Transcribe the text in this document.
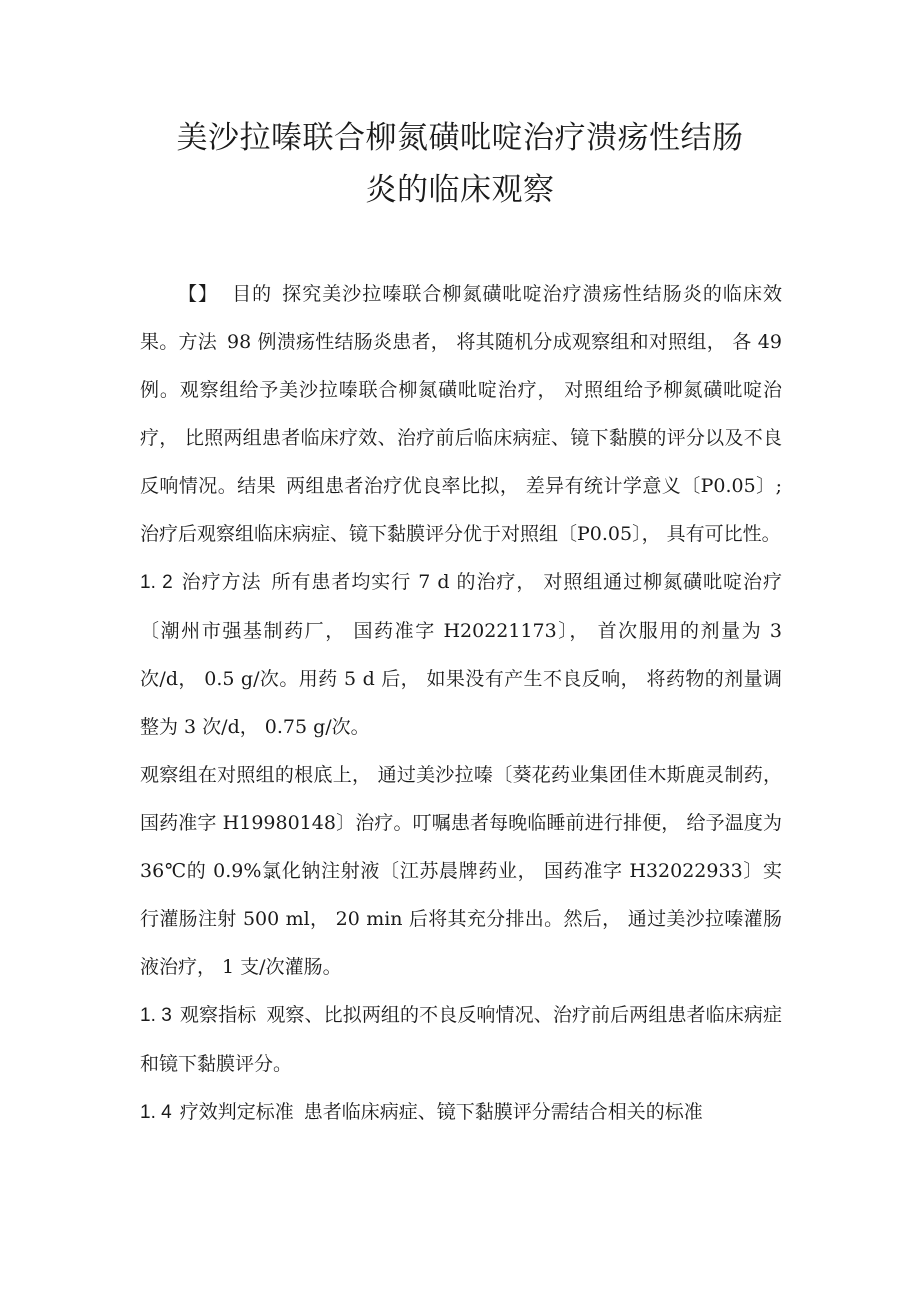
美沙拉嗪联合柳氮磺吡啶治疗溃疡性结肠
炎的临床观察

【】 目的 探究美沙拉嗪联合柳氮磺吡啶治疗溃疡性结肠炎的临床效果。方法 98 例溃疡性结肠炎患者， 将其随机分成观察组和对照组， 各 49 例。观察组给予美沙拉嗪联合柳氮磺吡啶治疗， 对照组给予柳氮磺吡啶治疗， 比照两组患者临床疗效、治疗前后临床病症、镜下黏膜的评分以及不良反响情况。结果 两组患者治疗优良率比拟， 差异有统计学意义〔P0.05〕; 治疗后观察组临床病症、镜下黏膜评分优于对照组〔P0.05〕， 具有可比性。

1. 2 治疗方法 所有患者均实行 7 d 的治疗， 对照组通过柳氮磺吡啶治疗〔潮州市强基制药厂， 国药准字 H20221173〕， 首次服用的剂量为 3 次/d， 0.5 g/次。用药 5 d 后， 如果没有产生不良反响， 将药物的剂量调整为 3 次/d， 0.75 g/次。

观察组在对照组的根底上， 通过美沙拉嗪〔葵花药业集团佳木斯鹿灵制药， 国药准字 H19980148〕治疗。叮嘱患者每晚临睡前进行排便， 给予温度为 36℃的 0.9%氯化钠注射液〔江苏晨牌药业， 国药准字 H32022933〕实行灌肠注射 500 ml， 20 min 后将其充分排出。然后， 通过美沙拉嗪灌肠液治疗， 1 支/次灌肠。

1. 3 观察指标 观察、比拟两组的不良反响情况、治疗前后两组患者临床病症和镜下黏膜评分。

1. 4 疗效判定标准 患者临床病症、镜下黏膜评分需结合相关的标准
